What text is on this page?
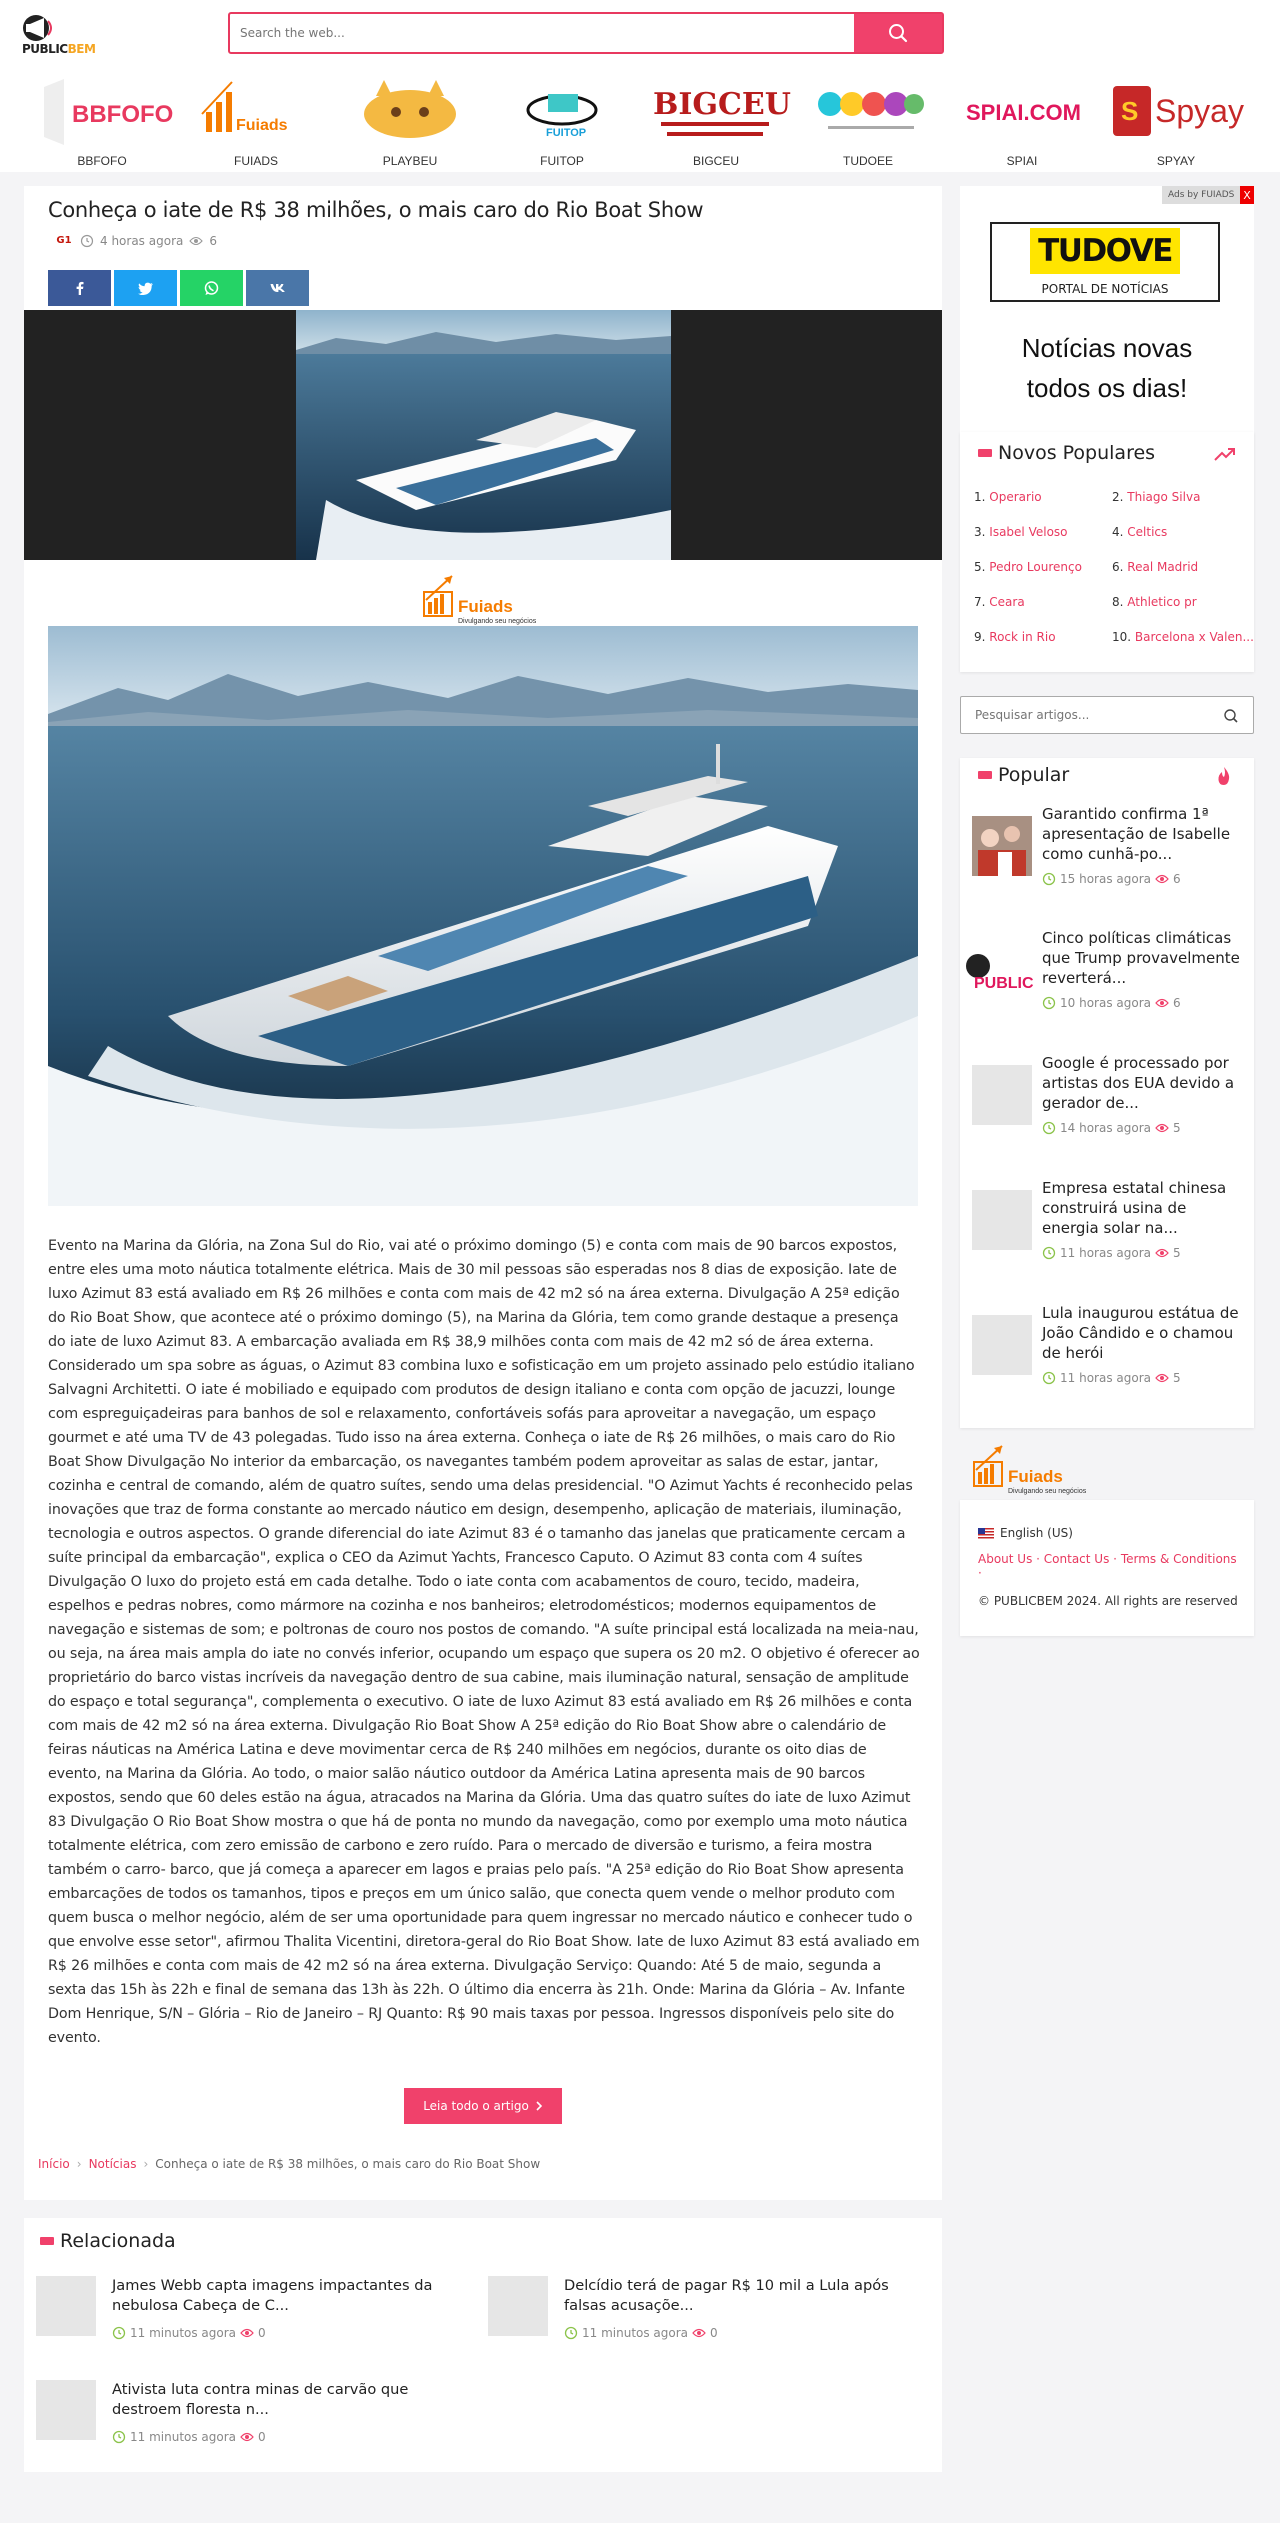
PUBLICBEM
Search the web...
BBFOFO
BBFOFO
Fuiads
FUIADS	PLAYBEU
FUITOP
FUITOP
BIGCEU
BIGCEU	TUDOEE
SPIAI.COM
SPIAI
S Spyay
SPYAY
Conheça o iate de R$ 38 milhões, o mais caro do Rio Boat Show
G1 4 horas agora 6
Fuiads
Divulgando seu negócios

Evento na Marina da Glória, na Zona Sul do Rio, vai até o próximo domingo (5) e conta com mais de 90 barcos expostos, entre eles uma moto náutica totalmente elétrica. Mais de 30 mil pessoas são esperadas nos 8 dias de exposição. Iate de luxo Azimut 83 está avaliado em R$ 26 milhões e conta com mais de 42 m2 só na área externa. Divulgação A 25ª edição do Rio Boat Show, que acontece até o próximo domingo (5), na Marina da Glória, tem como grande destaque a presença do iate de luxo Azimut 83. A embarcação avaliada em R$ 38,9 milhões conta com mais de 42 m2 só de área externa. Considerado um spa sobre as águas, o Azimut 83 combina luxo e sofisticação em um projeto assinado pelo estúdio italiano Salvagni Architetti. O iate é mobiliado e equipado com produtos de design italiano e conta com opção de jacuzzi, lounge com espreguiçadeiras para banhos de sol e relaxamento, confortáveis sofás para aproveitar a navegação, um espaço gourmet e até uma TV de 43 polegadas. Tudo isso na área externa. Conheça o iate de R$ 26 milhões, o mais caro do Rio Boat Show Divulgação No interior da embarcação, os navegantes também podem aproveitar as salas de estar, jantar, cozinha e central de comando, além de quatro suítes, sendo uma delas presidencial. "O Azimut Yachts é reconhecido pelas inovações que traz de forma constante ao mercado náutico em design, desempenho, aplicação de materiais, iluminação, tecnologia e outros aspectos. O grande diferencial do iate Azimut 83 é o tamanho das janelas que praticamente cercam a suíte principal da embarcação", explica o CEO da Azimut Yachts, Francesco Caputo. O Azimut 83 conta com 4 suítes Divulgação O luxo do projeto está em cada detalhe. Todo o iate conta com acabamentos de couro, tecido, madeira, espelhos e pedras nobres, como mármore na cozinha e nos banheiros; eletrodomésticos; modernos equipamentos de navegação e sistemas de som; e poltronas de couro nos postos de comando. "A suíte principal está localizada na meia-nau, ou seja, na área mais ampla do iate no convés inferior, ocupando um espaço que supera os 20 m2. O objetivo é oferecer ao proprietário do barco vistas incríveis da navegação dentro de sua cabine, mais iluminação natural, sensação de amplitude do espaço e total segurança", complementa o executivo. O iate de luxo Azimut 83 está avaliado em R$ 26 milhões e conta com mais de 42 m2 só na área externa. Divulgação Rio Boat Show A 25ª edição do Rio Boat Show abre o calendário de feiras náuticas na América Latina e deve movimentar cerca de R$ 240 milhões em negócios, durante os oito dias de evento, na Marina da Glória. Ao todo, o maior salão náutico outdoor da América Latina apresenta mais de 90 barcos expostos, sendo que 60 deles estão na água, atracados na Marina da Glória. Uma das quatro suítes do iate de luxo Azimut 83 Divulgação O Rio Boat Show mostra o que há de ponta no mundo da navegação, como por exemplo uma moto náutica totalmente elétrica, com zero emissão de carbono e zero ruído. Para o mercado de diversão e turismo, a feira mostra também o carro- barco, que já começa a aparecer em lagos e praias pelo país. "A 25ª edição do Rio Boat Show apresenta embarcações de todos os tamanhos, tipos e preços em um único salão, que conecta quem vende o melhor produto com quem busca o melhor negócio, além de ser uma oportunidade para quem ingressar no mercado náutico e conhecer tudo o que envolve esse setor", afirmou Thalita Vicentini, diretora-geral do Rio Boat Show. Iate de luxo Azimut 83 está avaliado em R$ 26 milhões e conta com mais de 42 m2 só na área externa. Divulgação Serviço: Quando: Até 5 de maio, segunda a sexta das 15h às 22h e final de semana das 13h às 22h. O último dia encerra às 21h. Onde: Marina da Glória – Av. Infante Dom Henrique, S/N – Glória – Rio de Janeiro – RJ Quanto: R$ 90 mais taxas por pessoa. Ingressos disponíveis pelo site do evento.

Leia todo o artigo
Início › Notícias › Conheça o iate de R$ 38 milhões, o mais caro do Rio Boat Show
Relacionada
James Webb capta imagens impactantes da nebulosa Cabeça de C...
11 minutos agora 0
Delcídio terá de pagar R$ 10 mil a Lula após falsas acusaçõe...
11 minutos agora 0
Ativista luta contra minas de carvão que destroem floresta n...
11 minutos agora 0
TUDOVE
PORTAL DE NOTÍCIAS
Notícias novas
todos os dias!
Ads by FUIADS X
Novos Populares
1. Operario	2. Thiago Silva
3. Isabel Veloso	4. Celtics
5. Pedro Lourenço	6. Real Madrid
7. Ceara	8. Athletico pr
9. Rock in Rio	10. Barcelona x Valen...
Pesquisar artigos...
Popular
Garantido confirma 1ª apresentação de Isabelle como cunhã-po...
15 horas agora 6
PUBLIC
Cinco políticas climáticas que Trump provavelmente reverterá...
10 horas agora 6
Google é processado por artistas dos EUA devido a gerador de...
14 horas agora 5
Empresa estatal chinesa construirá usina de energia solar na...
11 horas agora 5
Lula inaugurou estátua de João Cândido e o chamou de herói
11 horas agora 5
Fuiads
Divulgando seu negócios
English (US)
About Us · Contact Us · Terms & Conditions
·
© PUBLICBEM 2024. All rights are reserved
